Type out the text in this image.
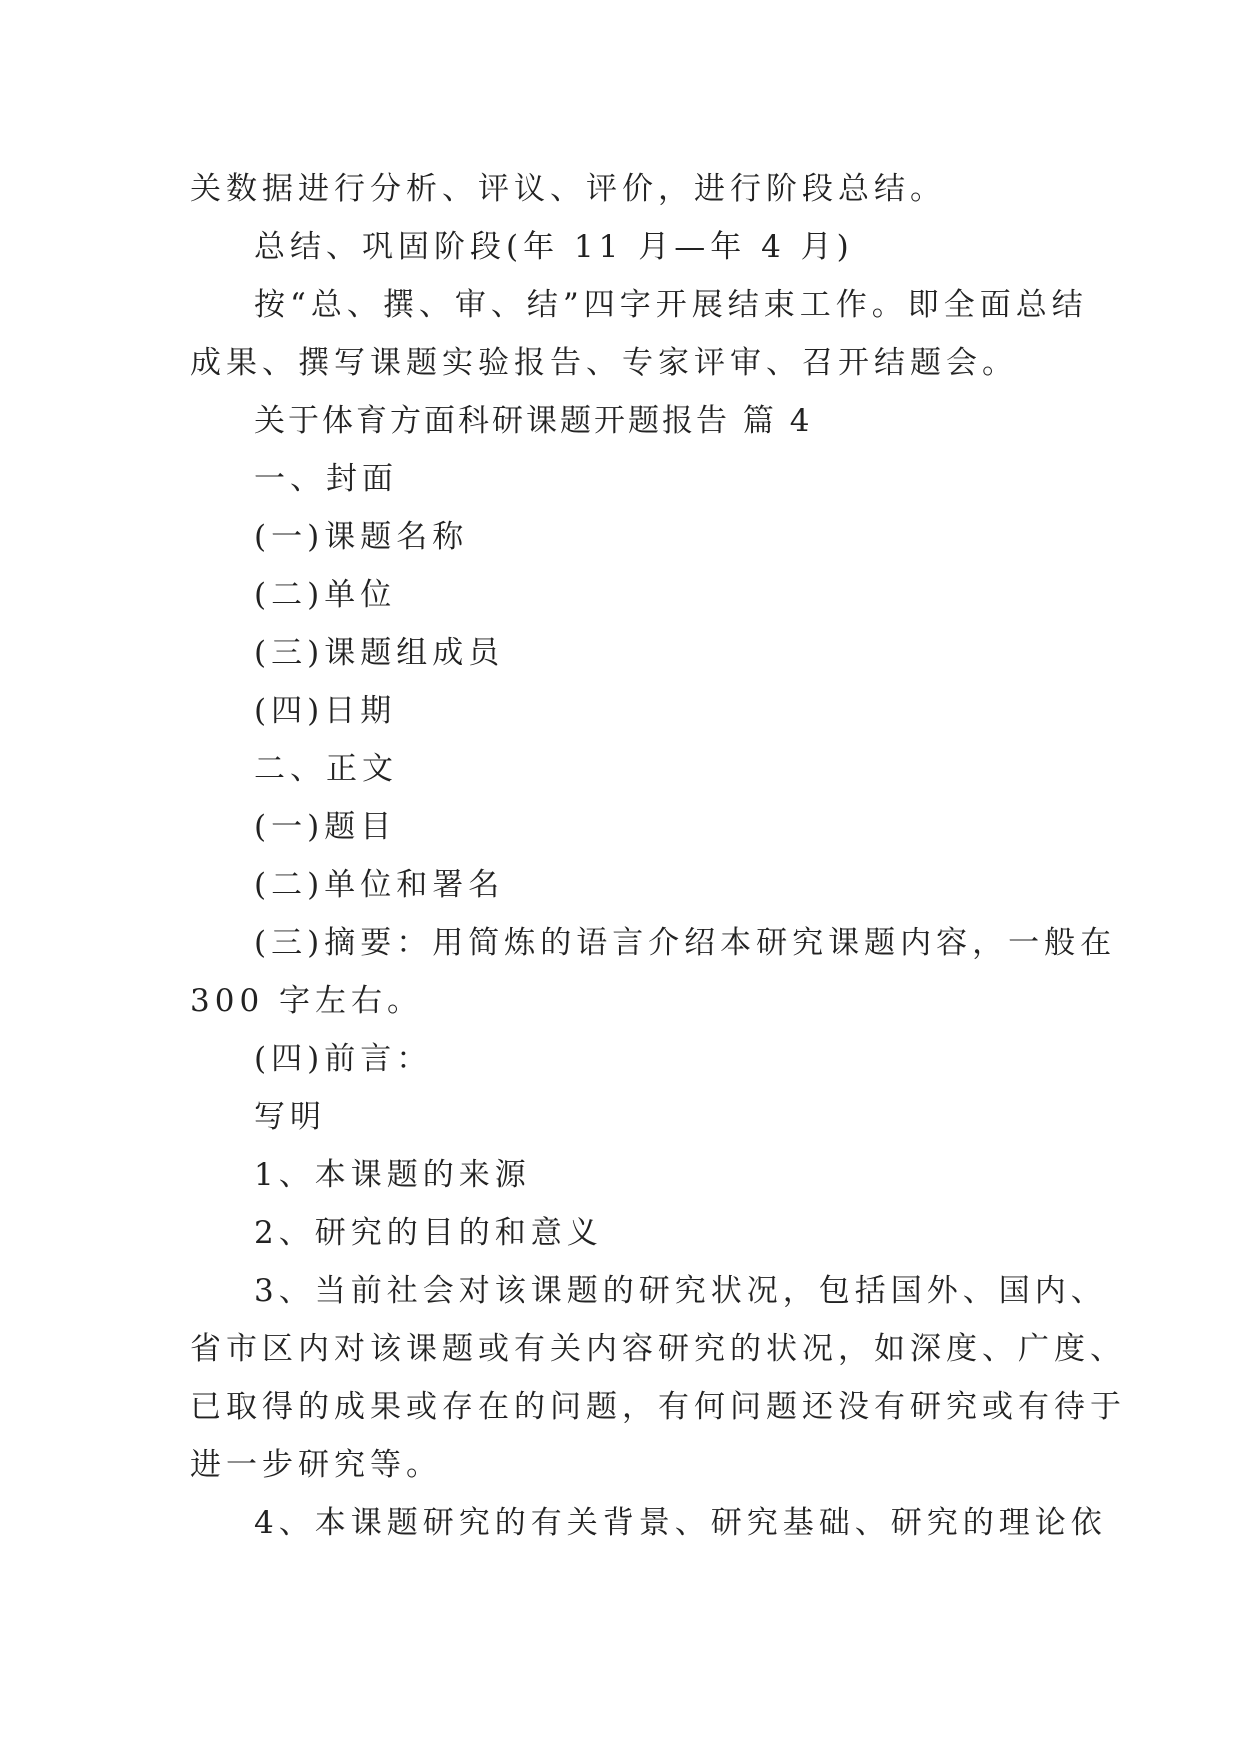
关数据进行分析、评议、评价，进行阶段总结。

总结、巩固阶段(年 11 月—年 4 月)

按“总、撰、审、结”四字开展结束工作。即全面总结

成果、撰写课题实验报告、专家评审、召开结题会。

关于体育方面科研课题开题报告 篇 4

一、封面

(一)课题名称

(二)单位

(三)课题组成员

(四)日期

二、正文

(一)题目

(二)单位和署名

(三)摘要：用简炼的语言介绍本研究课题内容，一般在

300 字左右。

(四)前言：

写明

1、本课题的来源

2、研究的目的和意义

3、当前社会对该课题的研究状况，包括国外、国内、

省市区内对该课题或有关内容研究的状况，如深度、广度、

已取得的成果或存在的问题，有何问题还没有研究或有待于

进一步研究等。

4、本课题研究的有关背景、研究基础、研究的理论依
